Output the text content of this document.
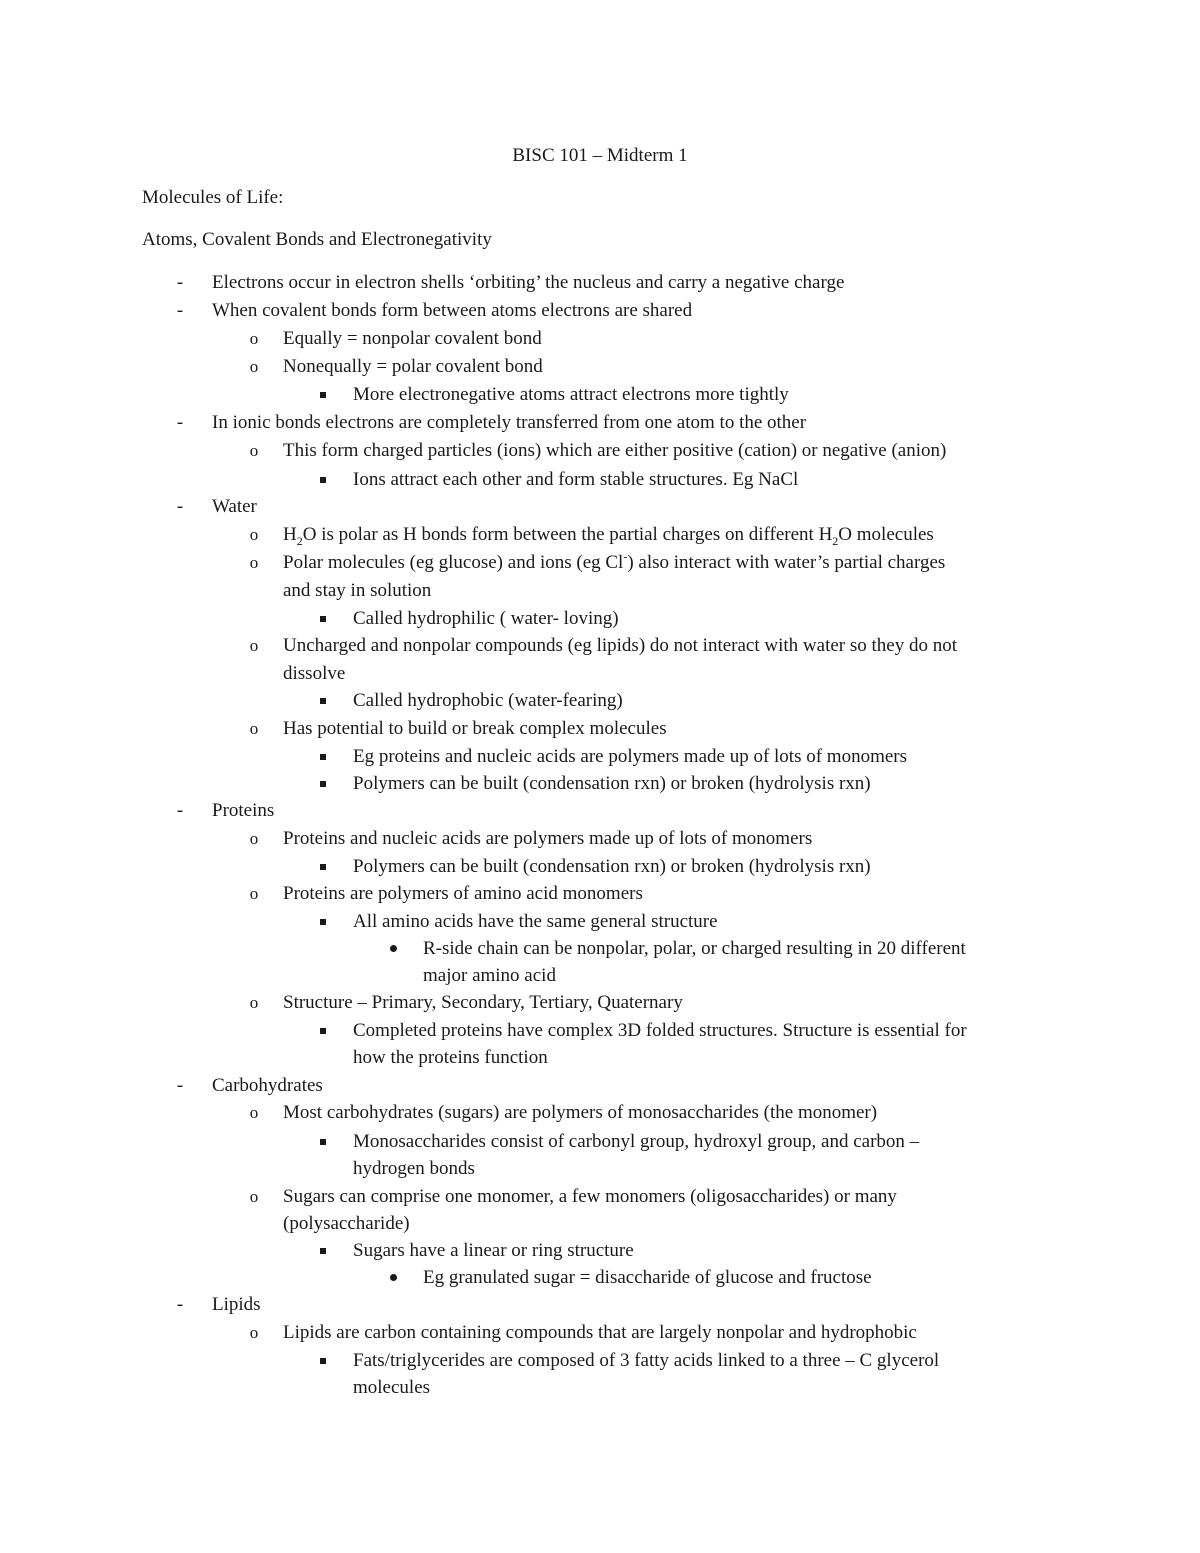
BISC 101 – Midterm 1
Molecules of Life:
Atoms, Covalent Bonds and Electronegativity
- Electrons occur in electron shells ‘orbiting’ the nucleus and carry a negative charge
- When covalent bonds form between atoms electrons are shared
o Equally = nonpolar covalent bond
o Nonequally = polar covalent bond
More electronegative atoms attract electrons more tightly
- In ionic bonds electrons are completely transferred from one atom to the other
o This form charged particles (ions) which are either positive (cation) or negative (anion)
Ions attract each other and form stable structures. Eg NaCl
- Water
o $H_2O$ is polar as H bonds form between the partial charges on different $H_2O$ molecules
o Polar molecules (eg glucose) and ions (eg Cl-) also interact with water’s partial charges
and stay in solution
Called hydrophilic ( water- loving)
o Uncharged and nonpolar compounds (eg lipids) do not interact with water so they do not
dissolve
Called hydrophobic (water-fearing)
o Has potential to build or break complex molecules
Eg proteins and nucleic acids are polymers made up of lots of monomers
Polymers can be built (condensation rxn) or broken (hydrolysis rxn)
- Proteins
o Proteins and nucleic acids are polymers made up of lots of monomers
Polymers can be built (condensation rxn) or broken (hydrolysis rxn)
o Proteins are polymers of amino acid monomers
All amino acids have the same general structure
R-side chain can be nonpolar, polar, or charged resulting in 20 different
major amino acid
o Structure – Primary, Secondary, Tertiary, Quaternary
Completed proteins have complex 3D folded structures. Structure is essential for
how the proteins function
- Carbohydrates
o Most carbohydrates (sugars) are polymers of monosaccharides (the monomer)
Monosaccharides consist of carbonyl group, hydroxyl group, and carbon –
hydrogen bonds
o Sugars can comprise one monomer, a few monomers (oligosaccharides) or many
(polysaccharide)
Sugars have a linear or ring structure
Eg granulated sugar = disaccharide of glucose and fructose
- Lipids
o Lipids are carbon containing compounds that are largely nonpolar and hydrophobic
Fats/triglycerides are composed of 3 fatty acids linked to a three – C glycerol
molecules
